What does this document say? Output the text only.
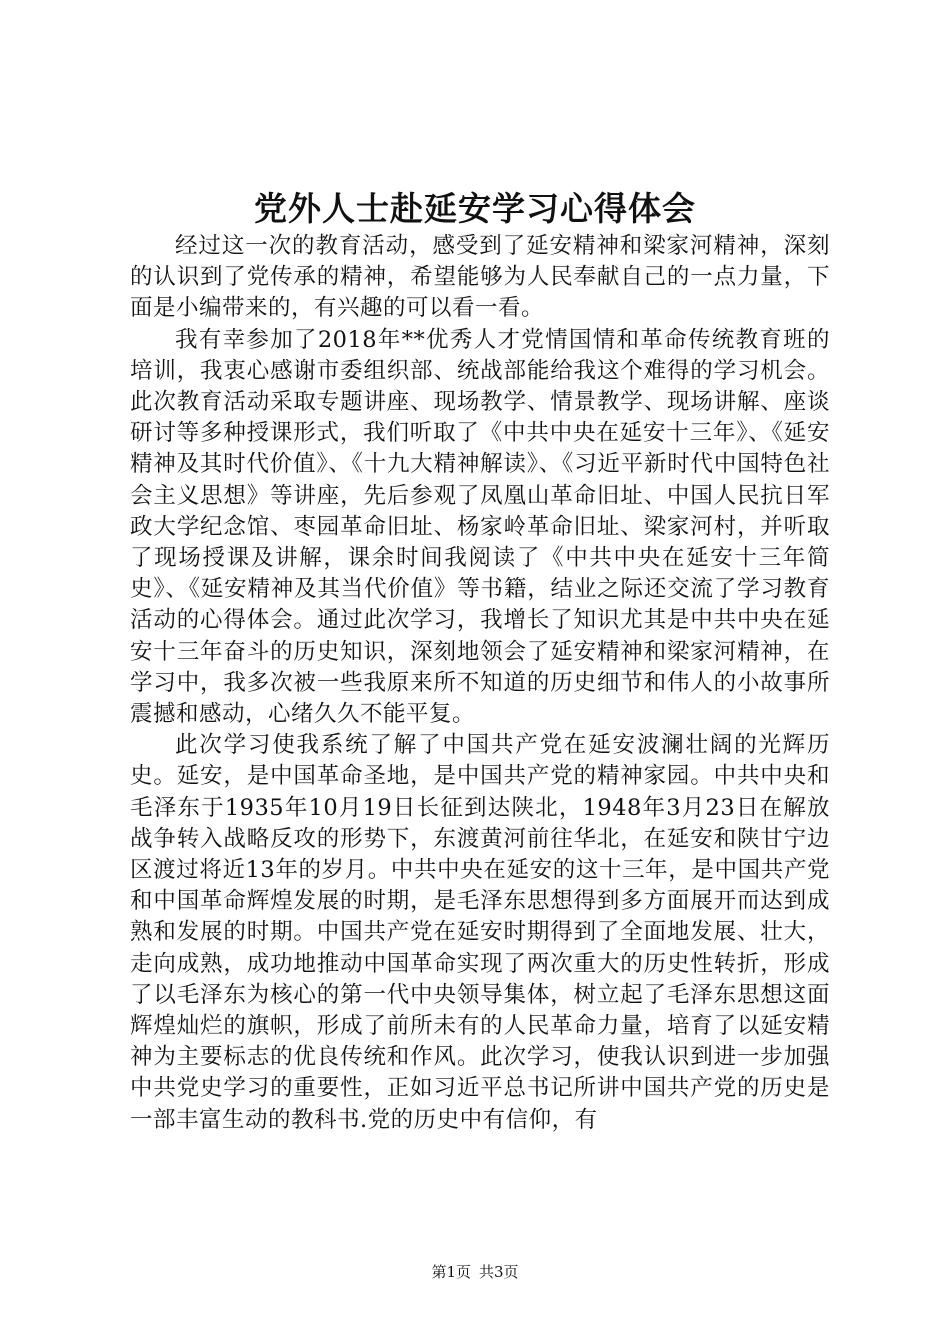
党外人士赴延安学习心得体会

经过这一次的教育活动，感受到了延安精神和梁家河精神，深刻的认识到了党传承的精神，希望能够为人民奉献自己的一点力量，下面是小编带来的，有兴趣的可以看一看。

我有幸参加了2018年**优秀人才党情国情和革命传统教育班的培训，我衷心感谢市委组织部、统战部能给我这个难得的学习机会。此次教育活动采取专题讲座、现场教学、情景教学、现场讲解、座谈研讨等多种授课形式，我们听取了《中共中央在延安十三年》、《延安精神及其时代价值》、《十九大精神解读》、《习近平新时代中国特色社会主义思想》等讲座，先后参观了凤凰山革命旧址、中国人民抗日军政大学纪念馆、枣园革命旧址、杨家岭革命旧址、梁家河村，并听取了现场授课及讲解，课余时间我阅读了《中共中央在延安十三年简史》、《延安精神及其当代价值》等书籍，结业之际还交流了学习教育活动的心得体会。通过此次学习，我增长了知识尤其是中共中央在延安十三年奋斗的历史知识，深刻地领会了延安精神和梁家河精神，在学习中，我多次被一些我原来所不知道的历史细节和伟人的小故事所震撼和感动，心绪久久不能平复。

此次学习使我系统了解了中国共产党在延安波澜壮阔的光辉历史。延安，是中国革命圣地，是中国共产党的精神家园。中共中央和毛泽东于1935年10月19日长征到达陕北，1948年3月23日在解放战争转入战略反攻的形势下，东渡黄河前往华北，在延安和陕甘宁边区渡过将近13年的岁月。中共中央在延安的这十三年，是中国共产党和中国革命辉煌发展的时期，是毛泽东思想得到多方面展开而达到成熟和发展的时期。中国共产党在延安时期得到了全面地发展、壮大，走向成熟，成功地推动中国革命实现了两次重大的历史性转折，形成了以毛泽东为核心的第一代中央领导集体，树立起了毛泽东思想这面辉煌灿烂的旗帜，形成了前所未有的人民革命力量，培育了以延安精神为主要标志的优良传统和作风。此次学习，使我认识到进一步加强中共党史学习的重要性，正如习近平总书记所讲中国共产党的历史是一部丰富生动的教科书.党的历史中有信仰，有

第1页 共3页
